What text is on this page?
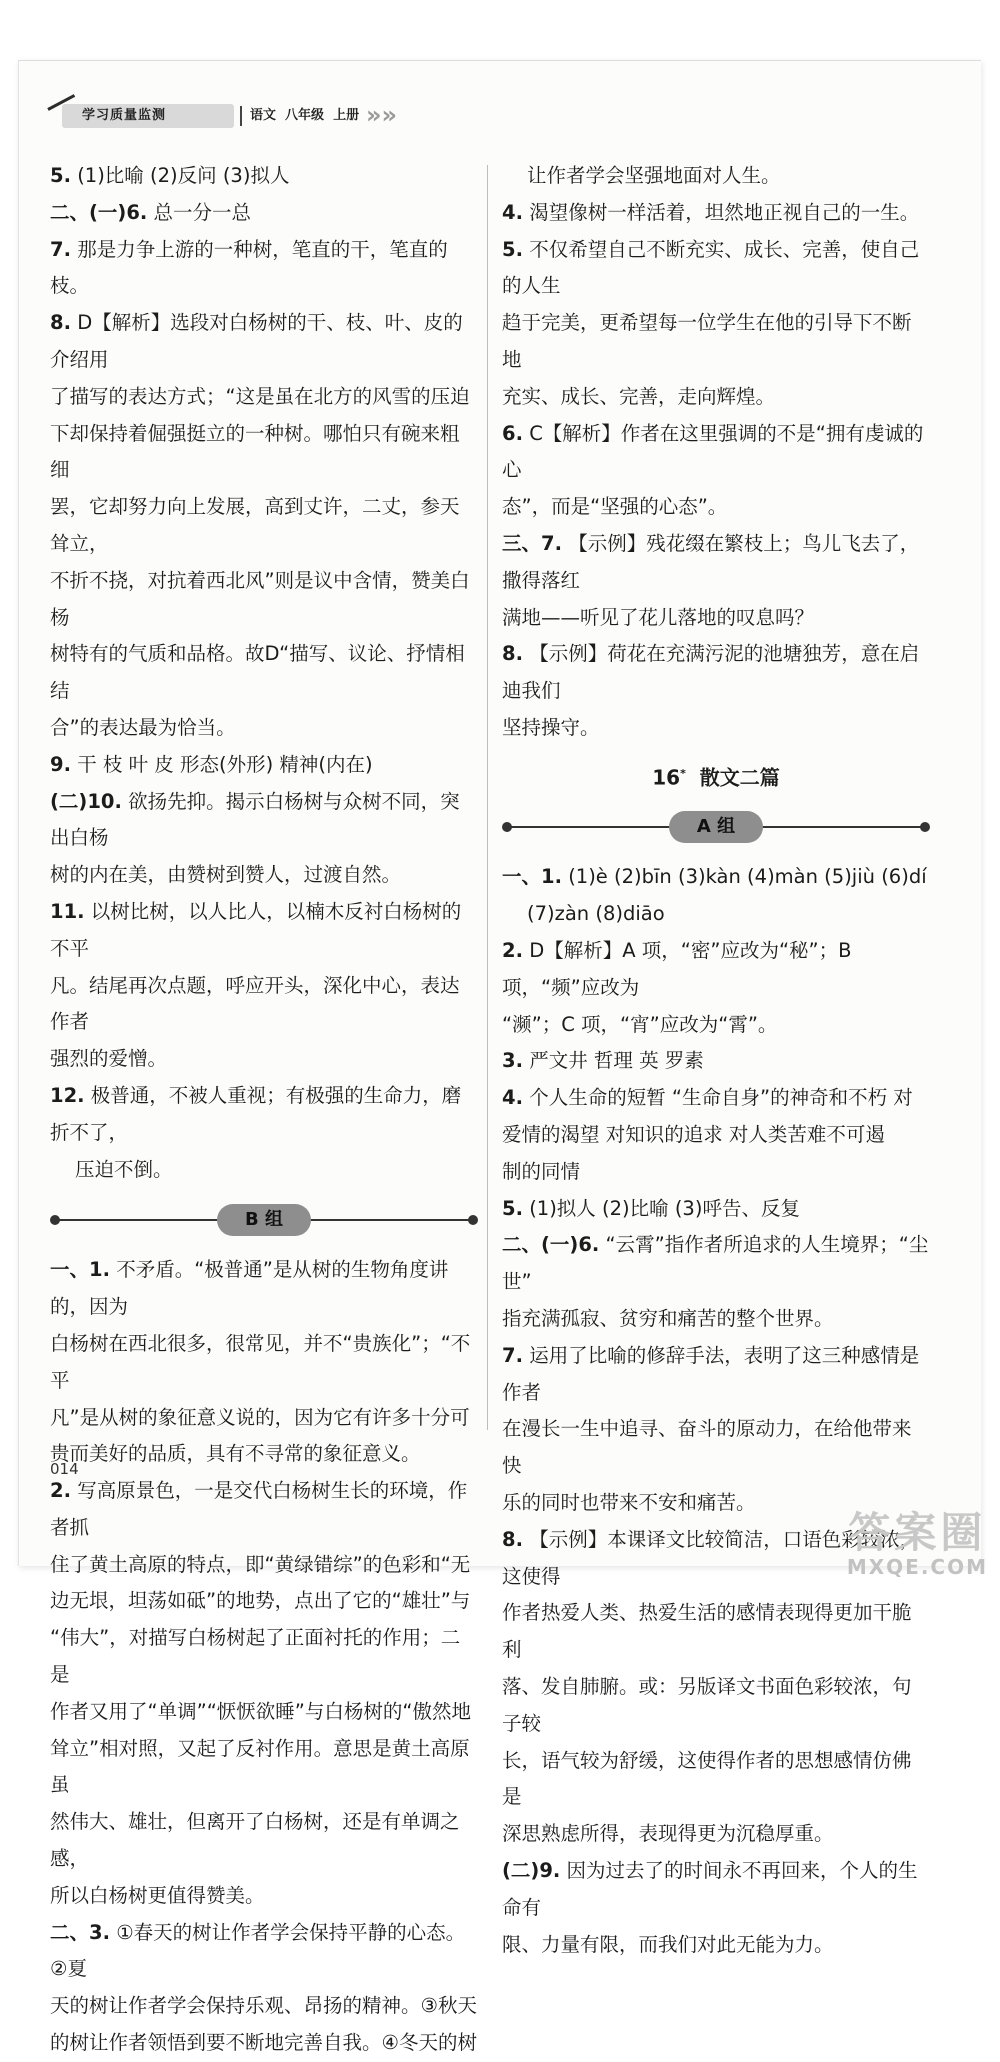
学习质量监测	语文  八年级  上册 »»
5. (1)比喻 (2)反问 (3)拟人
二、(一)6. 总一分一总
7. 那是力争上游的一种树，笔直的干，笔直的枝。
8. D【解析】选段对白杨树的干、枝、叶、皮的介绍用
了描写的表达方式；“这是虽在北方的风雪的压迫
下却保持着倔强挺立的一种树。哪怕只有碗来粗细
罢，它却努力向上发展，高到丈许，二丈，参天耸立，
不折不挠，对抗着西北风”则是议中含情，赞美白杨
树特有的气质和品格。故D“描写、议论、抒情相结
合”的表达最为恰当。
9. 干 枝 叶 皮 形态(外形) 精神(内在)
(二)10. 欲扬先抑。揭示白杨树与众树不同，突出白杨
树的内在美，由赞树到赞人，过渡自然。
11. 以树比树，以人比人，以楠木反衬白杨树的不平
凡。结尾再次点题，呼应开头，深化中心，表达作者
强烈的爱憎。
12. 极普通，不被人重视；有极强的生命力，磨折不了，
压迫不倒。
B 组
一、1. 不矛盾。“极普通”是从树的生物角度讲的，因为
白杨树在西北很多，很常见，并不“贵族化”；“不平
凡”是从树的象征意义说的，因为它有许多十分可
贵而美好的品质，具有不寻常的象征意义。
2. 写高原景色，一是交代白杨树生长的环境，作者抓
住了黄土高原的特点，即“黄绿错综”的色彩和“无
边无垠，坦荡如砥”的地势，点出了它的“雄壮”与
“伟大”，对描写白杨树起了正面衬托的作用；二是
作者又用了“单调”“恹恹欲睡”与白杨树的“傲然地
耸立”相对照，又起了反衬作用。意思是黄土高原虽
然伟大、雄壮，但离开了白杨树，还是有单调之感，
所以白杨树更值得赞美。
二、3. ①春天的树让作者学会保持平静的心态。②夏
天的树让作者学会保持乐观、昂扬的精神。③秋天
的树让作者领悟到要不断地完善自我。④冬天的树
让作者学会坚强地面对人生。
4. 渴望像树一样活着，坦然地正视自己的一生。
5. 不仅希望自己不断充实、成长、完善，使自己的人生
趋于完美，更希望每一位学生在他的引导下不断地
充实、成长、完善，走向辉煌。
6. C【解析】作者在这里强调的不是“拥有虔诚的心
态”，而是“坚强的心态”。
三、7. 【示例】残花缀在繁枝上；鸟儿飞去了，撒得落红
满地——听见了花儿落地的叹息吗？
8. 【示例】荷花在充满污泥的池塘独芳，意在启迪我们
坚持操守。
16* 散文二篇
A 组
一、1. (1)è (2)bīn (3)kàn (4)màn (5)jiù (6)dí
(7)zàn (8)diāo
2. D【解析】A 项，“密”应改为“秘”；B 项，“频”应改为
“濒”；C 项，“宵”应改为“霄”。
3. 严文井 哲理 英 罗素
4. 个人生命的短暂 “生命自身”的神奇和不朽 对
爱情的渴望 对知识的追求 对人类苦难不可遏
制的同情
5. (1)拟人 (2)比喻 (3)呼告、反复
二、(一)6. “云霄”指作者所追求的人生境界；“尘世”
指充满孤寂、贫穷和痛苦的整个世界。
7. 运用了比喻的修辞手法，表明了这三种感情是作者
在漫长一生中追寻、奋斗的原动力，在给他带来快
乐的同时也带来不安和痛苦。
8. 【示例】本课译文比较简洁，口语色彩较浓，这使得
作者热爱人类、热爱生活的感情表现得更加干脆利
落、发自肺腑。或：另版译文书面色彩较浓，句子较
长，语气较为舒缓，这使得作者的思想感情仿佛是
深思熟虑所得，表现得更为沉稳厚重。
(二)9. 因为过去了的时间永不再回来，个人的生命有
限、力量有限，而我们对此无能为力。
014
答案圈
MXQE.COM
